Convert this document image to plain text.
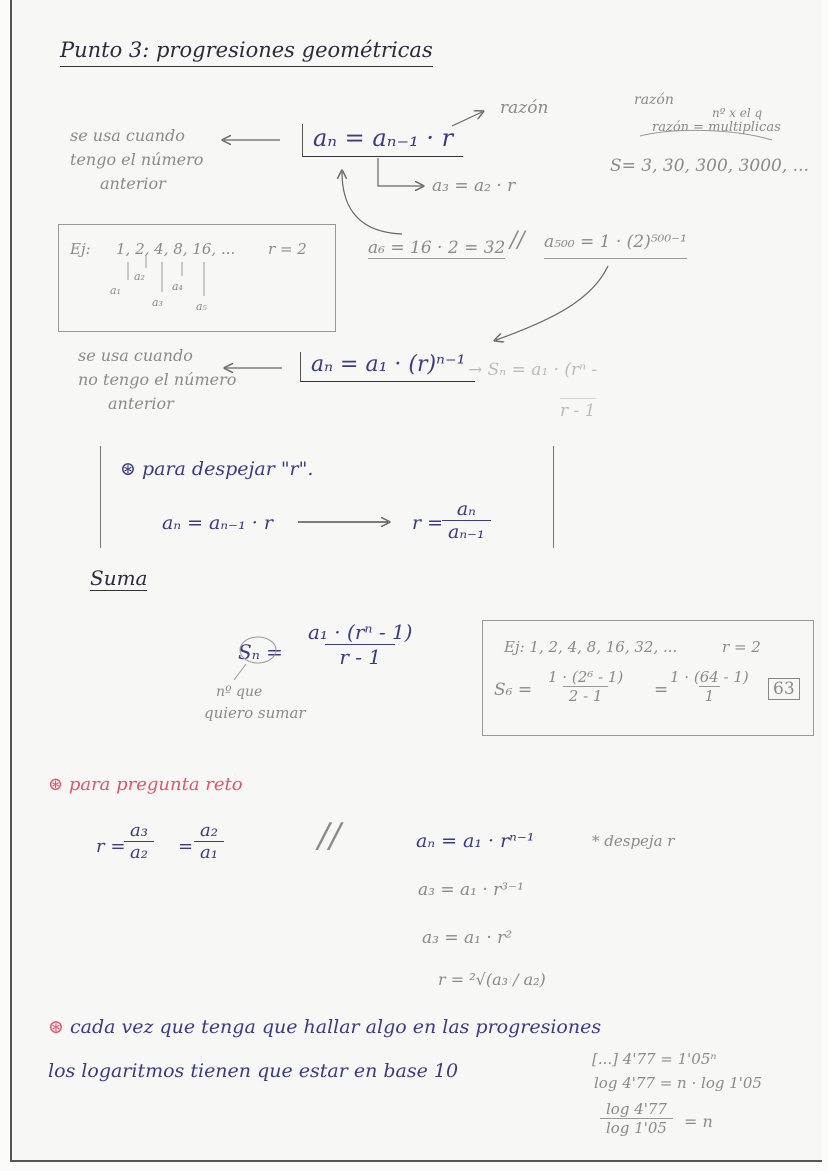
Punto 3: progresiones geométricas
se usa cuando
tengo el número
anterior
aₙ = aₙ₋₁ · r
razón
a₃ = a₂ · r
razón
nº x el q
razón = multiplicas
S= 3, 30, 300, 3000, ...
Ej: 1, 2, 4, 8, 16, ... r = 2
a₁
a₂
a₃
a₄
a₅
a₆ = 16 · 2 = 32 // a₅₀₀ = 1 · (2)⁵⁰⁰⁻¹
se usa cuando
no tengo el número
anterior
aₙ = a₁ · (r)ⁿ⁻¹ → Sₙ = a₁ · (rⁿ -
r - 1
⊛ para despejar "r".
aₙ = aₙ₋₁ · r	r =
$\frac{\text{aₙ}}{\text{aₙ₋₁}}$
Suma
$S_n = \frac{\text{a₁ · (rⁿ - 1)}}{r - 1}$
nº que
quiero sumar
Ej: 1, 2, 4, 8, 16, 32, ...	r = 2
$S_6 = \frac{\text{1 · (2⁶ - 1)}}{2 - 1}$ =
$\frac{1 \cdot (64 - 1)}{1} 63$
⊛ para pregunta reto
r =
$\frac{\text{a₃}}{\text{a₂}} = \frac{\text{a₂}}{\text{a₁}}$	//	aₙ = a₁ · rⁿ⁻¹	* despeja r
a₃ = a₁ · r³⁻¹
a₃ = a₁ · r²
r = ²√(a₃ / a₂)
⊛ cada vez que tenga que hallar algo en las progresiones
los logaritmos tienen que estar en base 10
[...] 4'77 = 1'05ⁿ
log 4'77 = n · log 1'05
$\frac{\log 4'77}{\log 1'05} = n$
